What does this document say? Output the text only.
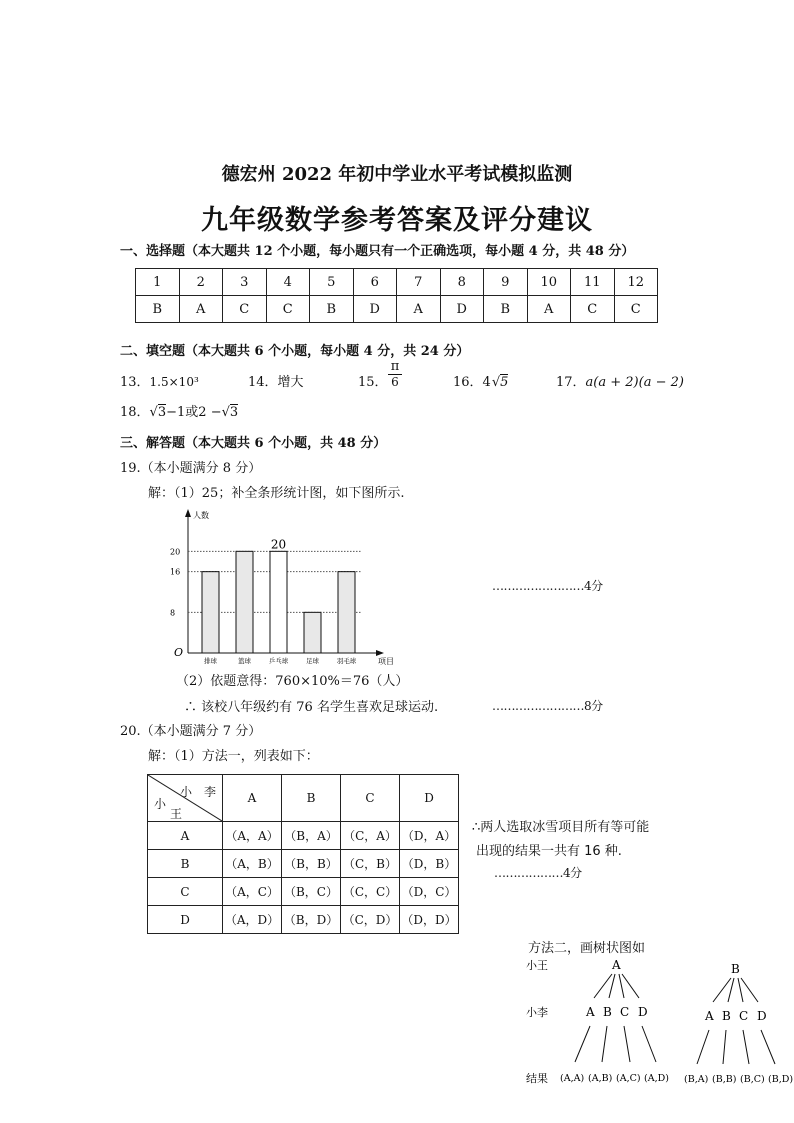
德宏州 2022 年初中学业水平考试模拟监测
九年级数学参考答案及评分建议
一、选择题（本大题共 12 个小题，每小题只有一个正确选项，每小题 4 分，共 48 分）
1	2	3	4	5	6	7	8	9	10	11	12
B	A	C	C	B	D	A	D	B	A	C	C
二、填空题（本大题共 6 个小题，每小题 4 分，共 24 分）
13．1.5×10³	14．增大	15．
π
6	16．4√5	17．a(a + 2)(a − 2)
18．√3−1或2 −√3
三、解答题（本大题共 6 个小题，共 48 分）
19.（本小题满分 8 分）
解：（1）25；补全条形统计图，如下图所示.
人数
项目
O
8
16
20
排球	篮球	乒乓球
20
足球	羽毛球
……………………4分
（2）依题意得：760×10%＝76（人）
∴ 该校八年级约有 76 名学生喜欢足球运动.	……………………8分
20.（本小题满分 7 分）
解：（1）方法一，列表如下：
小　李
小
王	A	B	C	D
A	（A，A）	（B，A）	（C，A）	（D，A）
B	（A，B）	（B，B）	（C，B）	（D，B）
C	（A，C）	（B，C）	（C，C）	（D，C）
D	（A，D）	（B，D）	（C，D）	（D，D）
∴两人选取冰雪项目所有等可能
出现的结果一共有 16 种.
………………4分
方法二，画树状图如
小王
小李
结果
A	B
A B C D	A B C D
(A,A) (A,B) (A,C) (A,D) (B,A) (B,B) (B,C) (B,D)
